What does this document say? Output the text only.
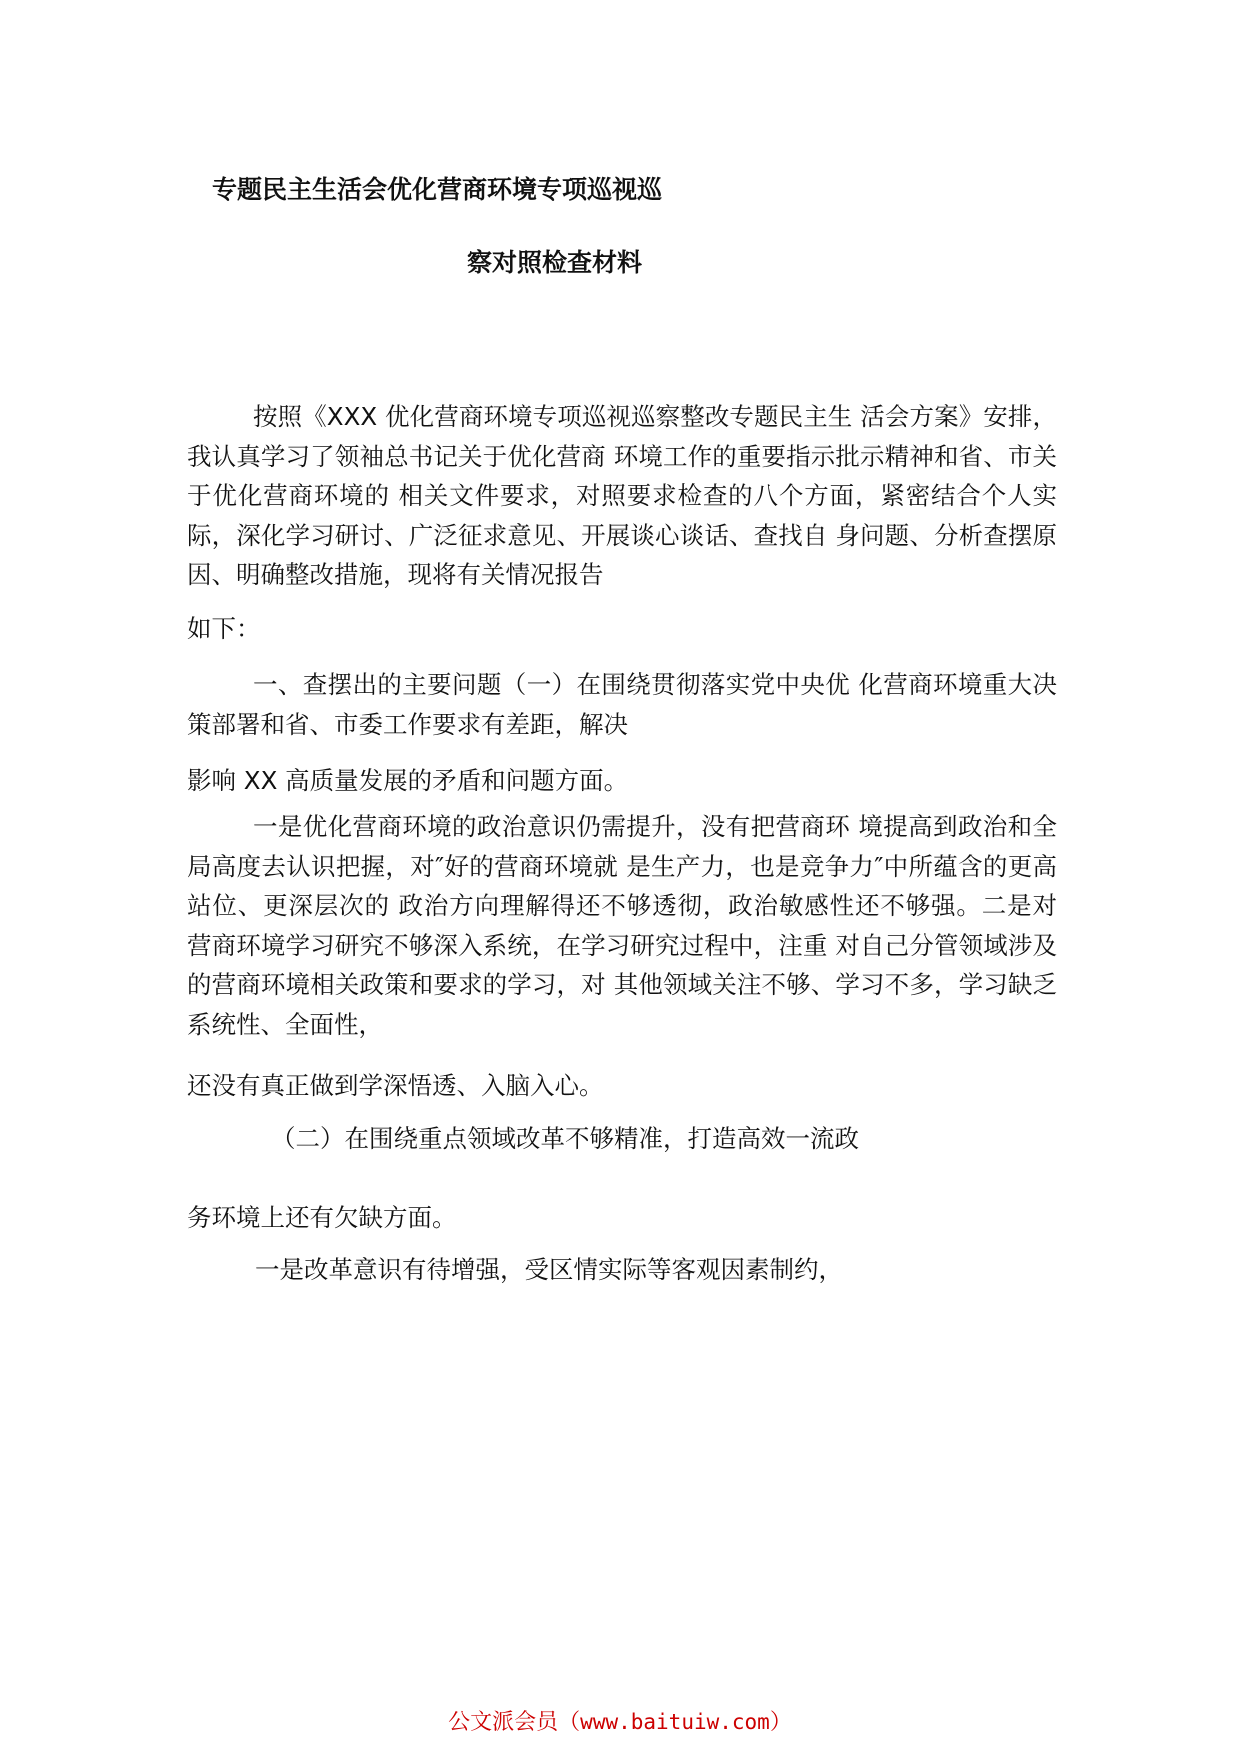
专题民主生活会优化营商环境专项巡视巡
察对照检查材料
按照《XXX 优化营商环境专项巡视巡察整改专题民主生 活会方案》安排，我认真学习了领袖总书记关于优化营商 环境工作的重要指示批示精神和省、市关于优化营商环境的 相关文件要求，对照要求检查的八个方面，紧密结合个人实 际，深化学习研讨、广泛征求意见、开展谈心谈话、查找自 身问题、分析查摆原因、明确整改措施，现将有关情况报告
如下：
一、查摆出的主要问题（一）在围绕贯彻落实党中央优 化营商环境重大决策部署和省、市委工作要求有差距，解决
影响 XX 高质量发展的矛盾和问题方面。
一是优化营商环境的政治意识仍需提升，没有把营商环 境提高到政治和全局高度去认识把握，对″好的营商环境就 是生产力，也是竞争力″中所蕴含的更高站位、更深层次的 政治方向理解得还不够透彻，政治敏感性还不够强。二是对 营商环境学习研究不够深入系统，在学习研究过程中，注重 对自己分管领域涉及的营商环境相关政策和要求的学习，对 其他领域关注不够、学习不多，学习缺乏系统性、全面性，
还没有真正做到学深悟透、入脑入心。
（二）在围绕重点领域改革不够精准，打造高效一流政
务环境上还有欠缺方面。
一是改革意识有待增强，受区情实际等客观因素制约，
公文派会员（www.baituiw.com）
